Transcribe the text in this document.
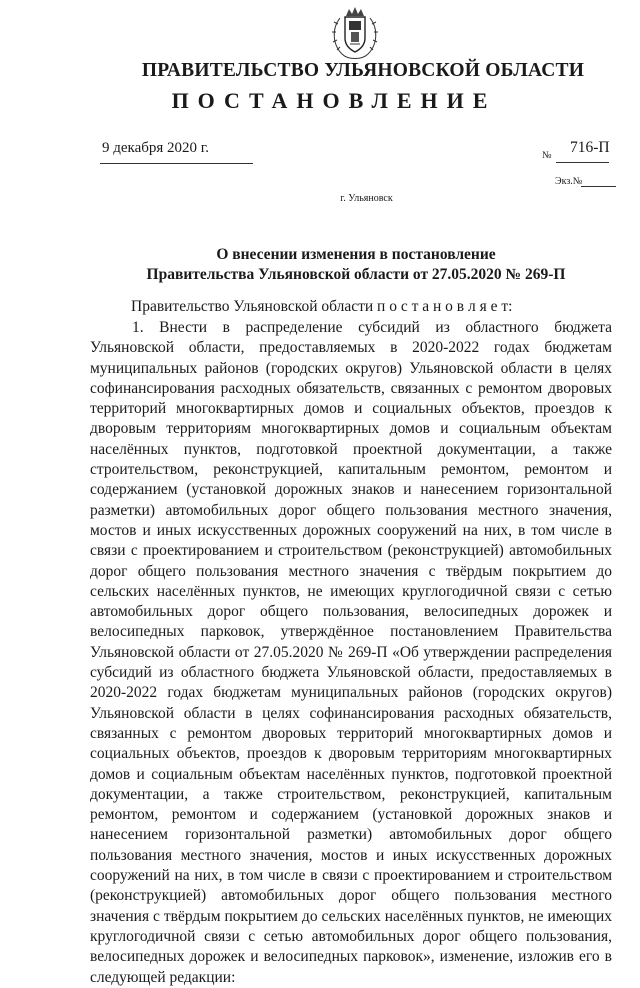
ПРАВИТЕЛЬСТВО УЛЬЯНОВСКОЙ ОБЛАСТИ
ПОСТАНОВЛЕНИЕ
9 декабря 2020 г.	№ 716-П
Экз.№
г. Ульяновск
О внесении изменения в постановление
Правительства Ульяновской области от 27.05.2020 № 269-П
Правительство Ульяновской области п о с т а н о в л я е т:
1. Внести в распределение субсидий из областного бюджета Ульяновской области, предоставляемых в 2020-2022 годах бюджетам муниципальных районов (городских округов) Ульяновской области в целях софинансирования расходных обязательств, связанных с ремонтом дворовых территорий многоквартирных домов и социальных объектов, проездов к дворовым территориям многоквартирных домов и социальным объектам населённых пунктов, подготовкой проектной документации, а также строительством, реконструкцией, капитальным ремонтом, ремонтом и содержанием (установкой дорожных знаков и нанесением горизонтальной разметки) автомобильных дорог общего пользования местного значения, мостов и иных искусственных дорожных сооружений на них, в том числе в связи с проектированием и строительством (реконструкцией) автомобильных дорог общего пользования местного значения с твёрдым покрытием до сельских населённых пунктов, не имеющих круглогодичной связи с сетью автомобильных дорог общего пользования, велосипедных дорожек и велосипедных парковок, утверждённое постановлением Правительства Ульяновской области от 27.05.2020 № 269-П «Об утверждении распределения субсидий из областного бюджета Ульяновской области, предоставляемых в 2020-2022 годах бюджетам муниципальных районов (городских округов) Ульяновской области в целях софинансирования расходных обязательств, связанных с ремонтом дворовых территорий многоквартирных домов и социальных объектов, проездов к дворовым территориям многоквартирных домов и социальным объектам населённых пунктов, подготовкой проектной документации, а также строительством, реконструкцией, капитальным ремонтом, ремонтом и содержанием (установкой дорожных знаков и нанесением горизонтальной разметки) автомобильных дорог общего пользования местного значения, мостов и иных искусственных дорожных сооружений на них, в том числе в связи с проектированием и строительством (реконструкцией) автомобильных дорог общего пользования местного значения с твёрдым покрытием до сельских населённых пунктов, не имеющих круглогодичной связи с сетью автомобильных дорог общего пользования, велосипедных дорожек и велосипедных парковок», изменение, изложив его в следующей редакции:
